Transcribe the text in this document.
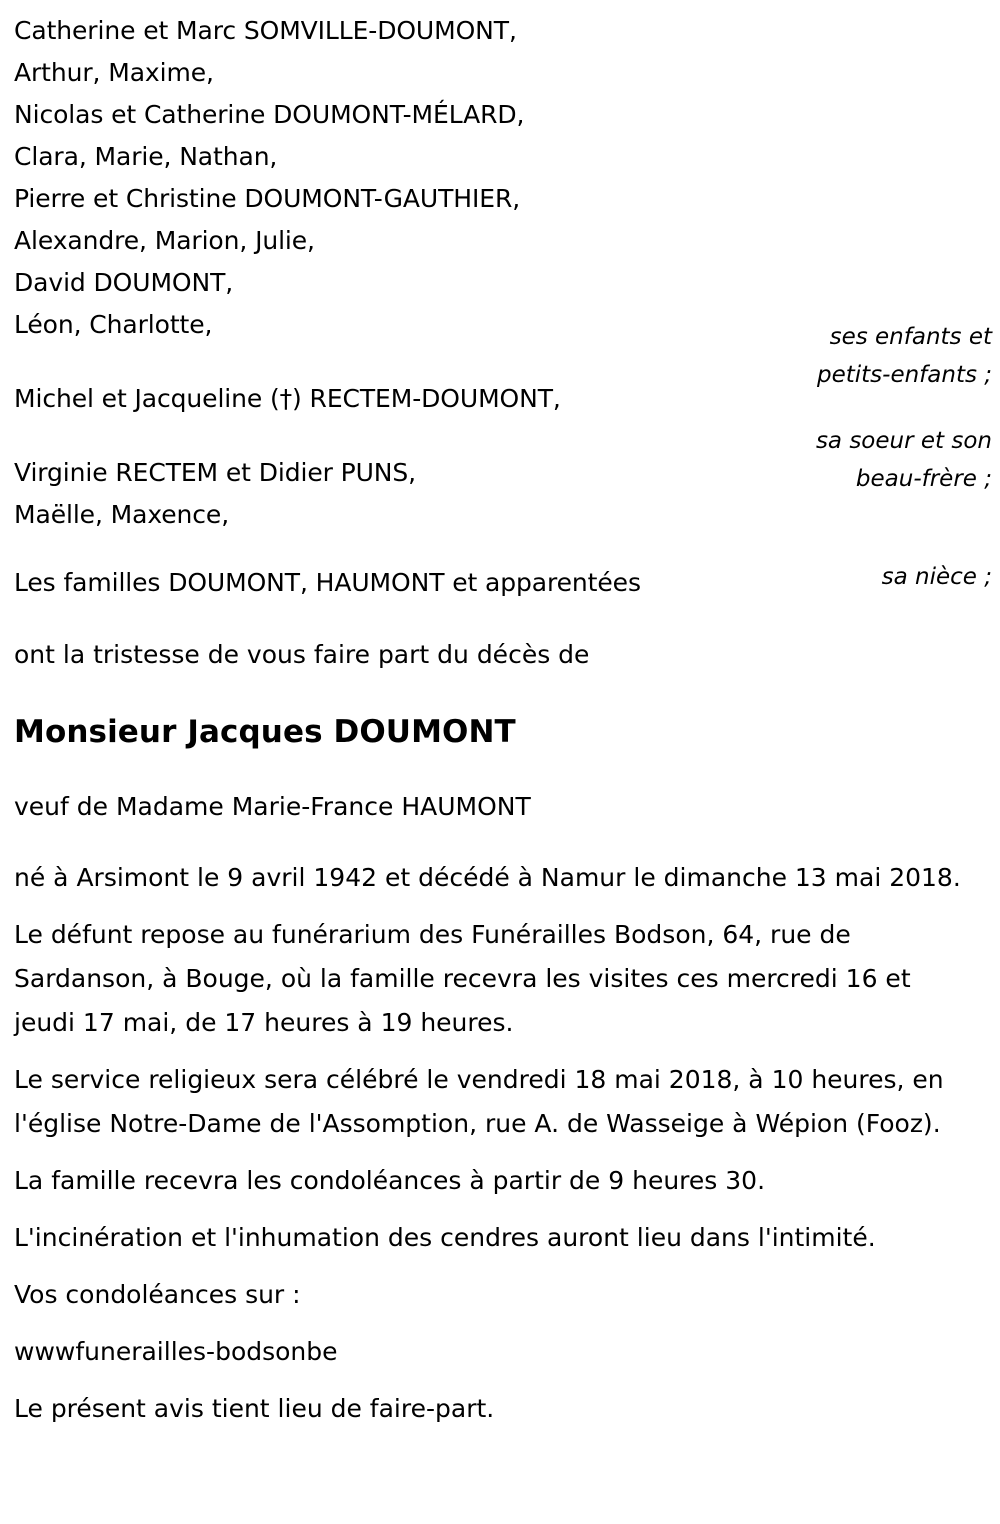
Catherine et Marc SOMVILLE-DOUMONT,
Arthur, Maxime,
Nicolas et Catherine DOUMONT-MÉLARD,
Clara, Marie, Nathan,
Pierre et Christine DOUMONT-GAUTHIER,
Alexandre, Marion, Julie,
David DOUMONT,
Léon, Charlotte,	ses enfants et
petits-enfants ;
sa soeur et son
beau-frère ;
sa nièce ;
Michel et Jacqueline (†) RECTEM-DOUMONT,
Virginie RECTEM et Didier PUNS,
Maëlle, Maxence,
Les familles DOUMONT, HAUMONT et apparentées
ont la tristesse de vous faire part du décès de
Monsieur Jacques DOUMONT
veuf de Madame Marie-France HAUMONT

né à Arsimont le 9 avril 1942 et décédé à Namur le dimanche 13 mai 2018.

Le défunt repose au funérarium des Funérailles Bodson, 64, rue de Sardanson, à Bouge, où la famille recevra les visites ces mercredi 16 et jeudi 17 mai, de 17 heures à 19 heures.

Le service religieux sera célébré le vendredi 18 mai 2018, à 10 heures, en l'église Notre-Dame de l'Assomption, rue A. de Wasseige à Wépion (Fooz).

La famille recevra les condoléances à partir de 9 heures 30.

L'incinération et l'inhumation des cendres auront lieu dans l'intimité.

Vos condoléances sur :

wwwfunerailles-bodsonbe

Le présent avis tient lieu de faire-part.
